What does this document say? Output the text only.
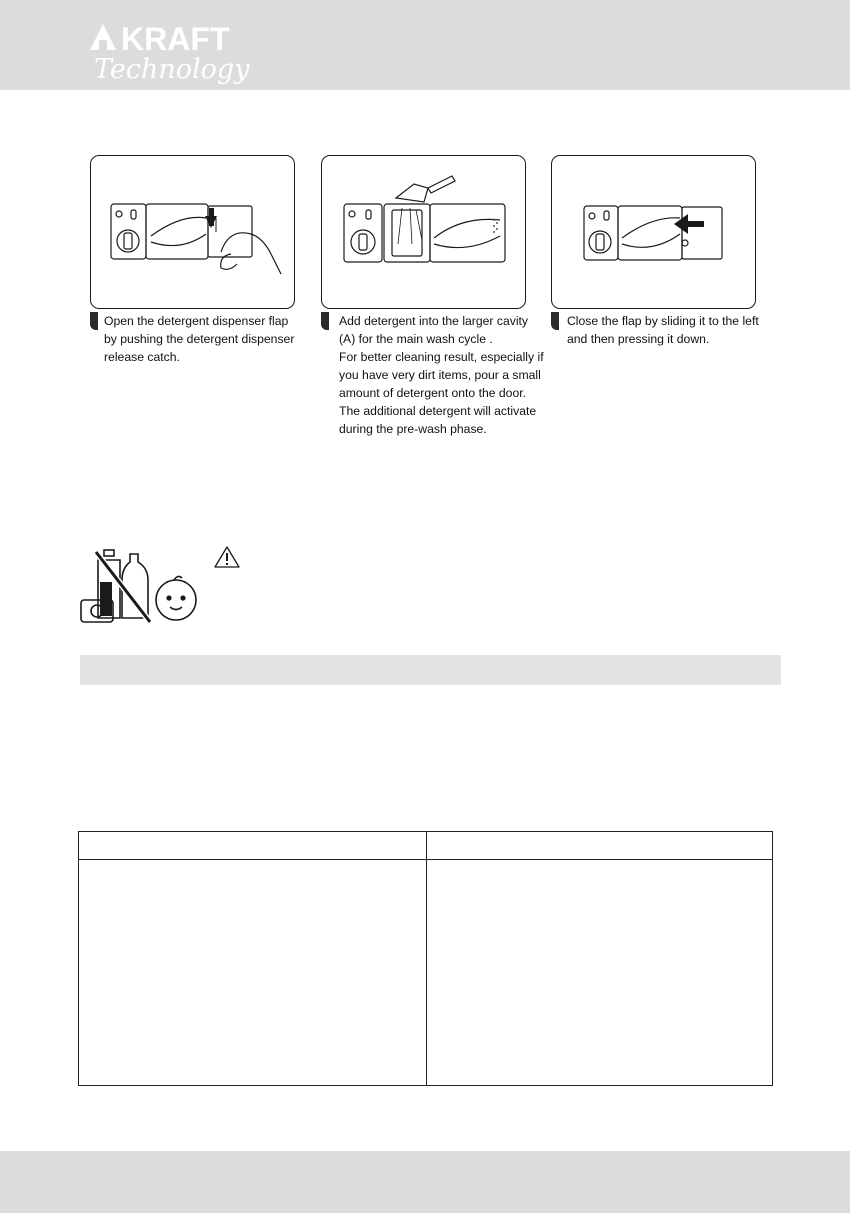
KRAFT
Technology

Open the detergent dispenser flap

by pushing the detergent dispenser

release catch.

Add detergent into the larger cavity

(A) for the main wash cycle .

For better cleaning result, especially if

you have very dirt items, pour a small

amount of detergent onto the door.

The additional detergent will activate

during the pre-wash phase.

Close the flap by sliding it to the left

and then pressing it down.
